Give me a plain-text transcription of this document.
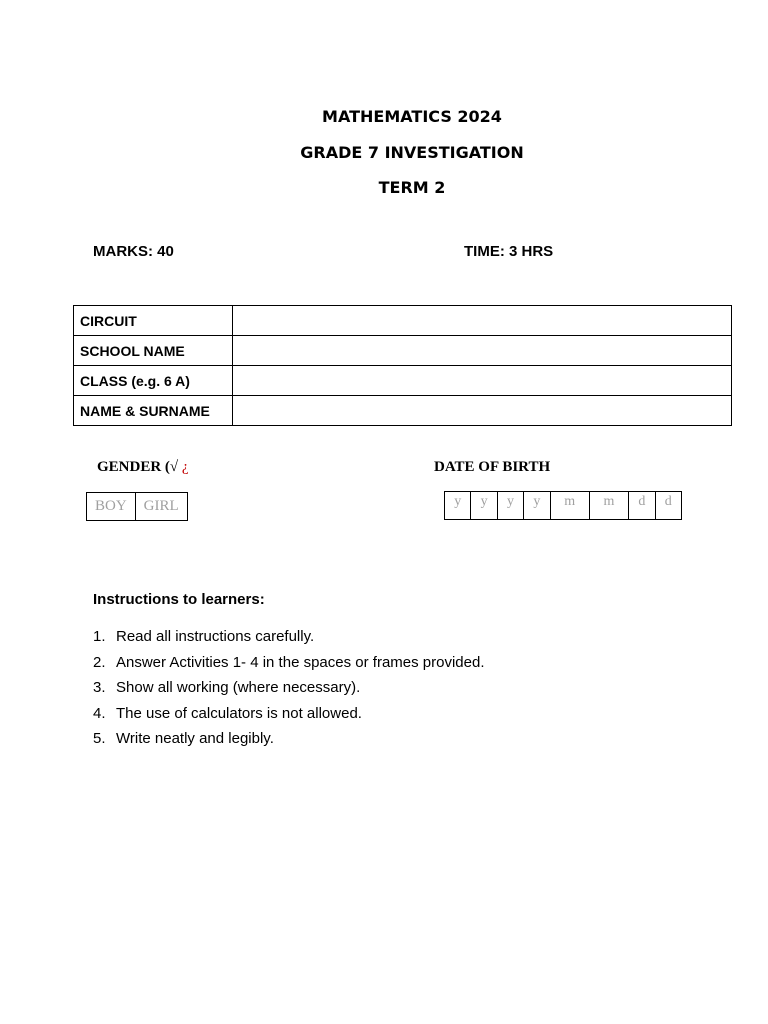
MATHEMATICS 2024
GRADE 7 INVESTIGATION
TERM 2
MARKS: 40	TIME: 3 HRS
CIRCUIT	
SCHOOL NAME	
CLASS (e.g. 6 A)	
NAME & SURNAME	
GENDER (√ ¿	DATE OF BIRTH
BOY	GIRL	y	y	y	y	m	m	d	d
Instructions to learners:
1. Read all instructions carefully.
2. Answer Activities 1- 4 in the spaces or frames provided.
3. Show all working (where necessary).
4. The use of calculators is not allowed.
5. Write neatly and legibly.
